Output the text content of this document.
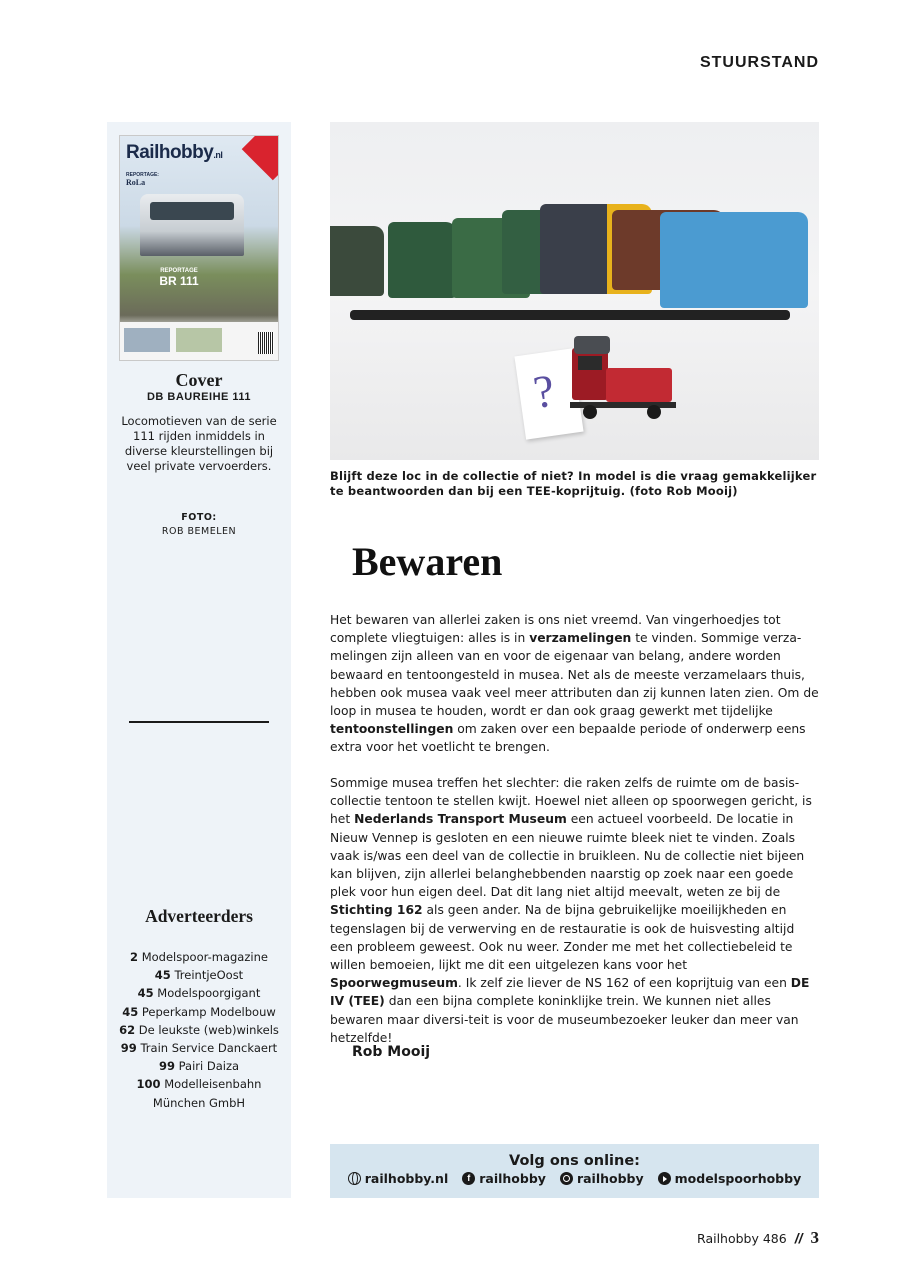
STUURSTAND
Railhobby.nl
REPORTAGE:
RoLa
REPORTAGE
BR 111
Cover
DB BAUREIHE 111
Locomotieven van de serie 111 rijden inmiddels in diverse kleurstellingen bij veel private vervoerders.
FOTO:
ROB BEMELEN
Adverteerders
2 Modelspoor-magazine
45 TreintjeOost
45 Modelspoorgigant
45 Peperkamp Modelbouw
62 De leukste (web)winkels
99 Train Service Danckaert
99 Pairi Daiza
100 Modelleisenbahn München GmbH
?
Blijft deze loc in de collectie of niet? In model is die vraag gemakkelijker te beantwoorden dan bij een TEE-koprijtuig. (foto Rob Mooij)
Bewaren

Het bewaren van allerlei zaken is ons niet vreemd. Van vingerhoedjes tot complete vliegtuigen: alles is in verzamelingen te vinden. Sommige verza-melingen zijn alleen van en voor de eigenaar van belang, andere worden bewaard en tentoongesteld in musea. Net als de meeste verzamelaars thuis, hebben ook musea vaak veel meer attributen dan zij kunnen laten zien. Om de loop in musea te houden, wordt er dan ook graag gewerkt met tijdelijke tentoonstellingen om zaken over een bepaalde periode of onderwerp eens extra voor het voetlicht te brengen.

Sommige musea treffen het slechter: die raken zelfs de ruimte om de basis-collectie tentoon te stellen kwijt. Hoewel niet alleen op spoorwegen gericht, is het Nederlands Transport Museum een actueel voorbeeld. De locatie in Nieuw Vennep is gesloten en een nieuwe ruimte bleek niet te vinden. Zoals vaak is/was een deel van de collectie in bruikleen. Nu de collectie niet bijeen kan blijven, zijn allerlei belanghebbenden naarstig op zoek naar een goede plek voor hun eigen deel. Dat dit lang niet altijd meevalt, weten ze bij de Stichting 162 als geen ander. Na de bijna gebruikelijke moeilijkheden en tegenslagen bij de verwerving en de restauratie is ook de huisvesting altijd een probleem geweest. Ook nu weer. Zonder me met het collectiebeleid te willen bemoeien, lijkt me dit een uitgelezen kans voor het Spoorwegmuseum. Ik zelf zie liever de NS 162 of een koprijtuig van een DE IV (TEE) dan een bijna complete koninklijke trein. We kunnen niet alles bewaren maar diversi-teit is voor de museumbezoeker leuker dan meer van hetzelfde!

Rob Mooij
Volg ons online:
railhobby.nl	f railhobby railhobby modelspoorhobby
Railhobby 486 // 3
